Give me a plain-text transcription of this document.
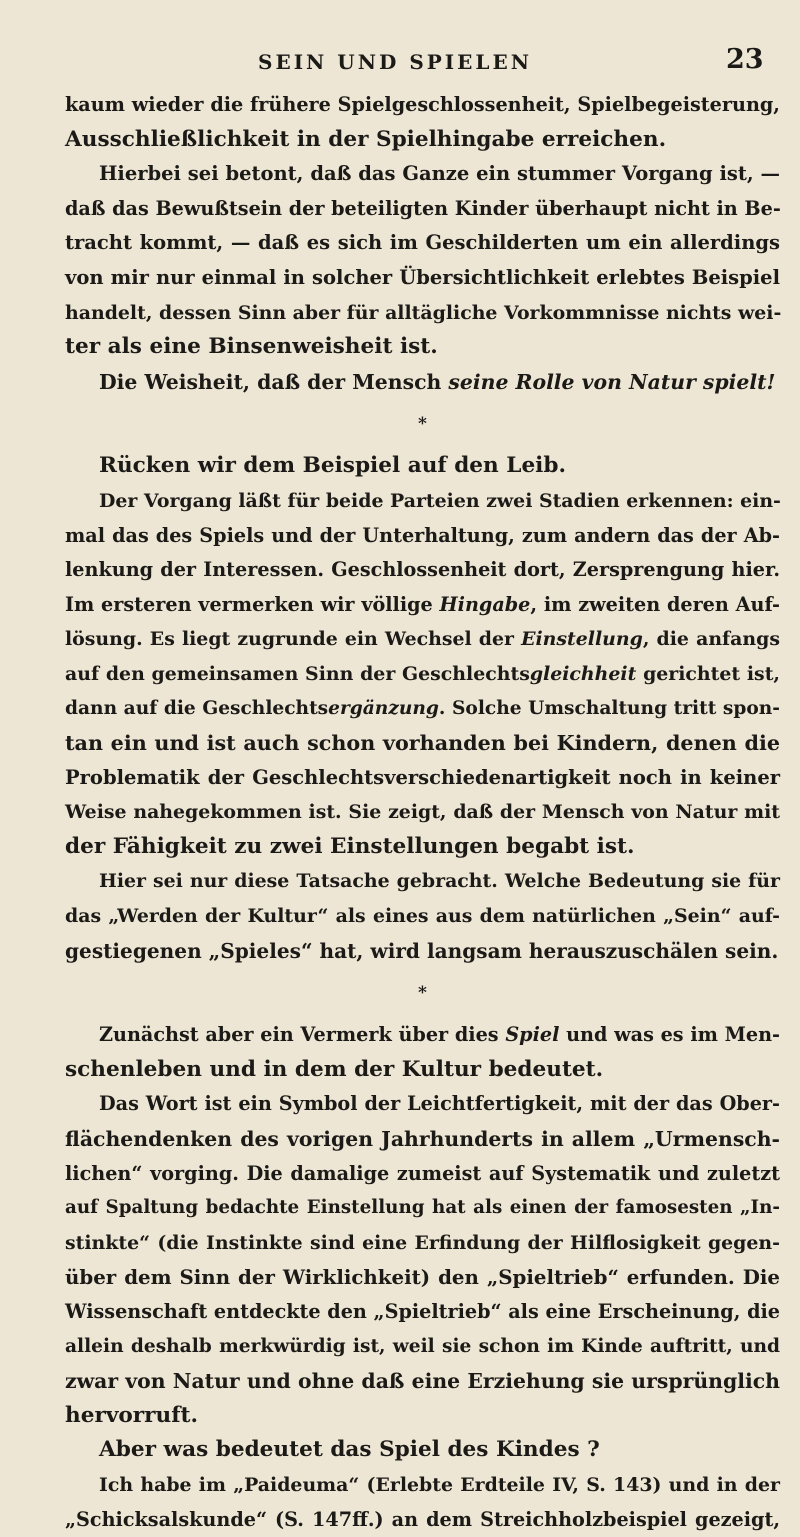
SEIN UND SPIELEN	23
kaum wieder die frühere Spielgeschlossenheit, Spielbegeisterung,
Ausschließlichkeit in der Spielhingabe erreichen.
Hierbei sei betont, daß das Ganze ein stummer Vorgang ist, —
daß das Bewußtsein der beteiligten Kinder überhaupt nicht in Be-
tracht kommt, — daß es sich im Geschilderten um ein allerdings
von mir nur einmal in solcher Übersichtlichkeit erlebtes Beispiel
handelt, dessen Sinn aber für alltägliche Vorkommnisse nichts wei-
ter als eine Binsenweisheit ist.
Die Weisheit, daß der Mensch seine Rolle von Natur spielt!
*
Rücken wir dem Beispiel auf den Leib.
Der Vorgang läßt für beide Parteien zwei Stadien erkennen: ein-
mal das des Spiels und der Unterhaltung, zum andern das der Ab-
lenkung der Interessen. Geschlossenheit dort, Zersprengung hier.
Im ersteren vermerken wir völlige Hingabe, im zweiten deren Auf-
lösung. Es liegt zugrunde ein Wechsel der Einstellung, die anfangs
auf den gemeinsamen Sinn der Geschlechtsgleichheit gerichtet ist,
dann auf die Geschlechtsergänzung. Solche Umschaltung tritt spon-
tan ein und ist auch schon vorhanden bei Kindern, denen die
Problematik der Geschlechtsverschiedenartigkeit noch in keiner
Weise nahegekommen ist. Sie zeigt, daß der Mensch von Natur mit
der Fähigkeit zu zwei Einstellungen begabt ist.
Hier sei nur diese Tatsache gebracht. Welche Bedeutung sie für
das „Werden der Kultur“ als eines aus dem natürlichen „Sein“ auf-
gestiegenen „Spieles“ hat, wird langsam herauszuschälen sein.
*
Zunächst aber ein Vermerk über dies Spiel und was es im Men-
schenleben und in dem der Kultur bedeutet.
Das Wort ist ein Symbol der Leichtfertigkeit, mit der das Ober-
flächendenken des vorigen Jahrhunderts in allem „Urmensch-
lichen“ vorging. Die damalige zumeist auf Systematik und zuletzt
auf Spaltung bedachte Einstellung hat als einen der famosesten „In-
stinkte“ (die Instinkte sind eine Erfindung der Hilflosigkeit gegen-
über dem Sinn der Wirklichkeit) den „Spieltrieb“ erfunden. Die
Wissenschaft entdeckte den „Spieltrieb“ als eine Erscheinung, die
allein deshalb merkwürdig ist, weil sie schon im Kinde auftritt, und
zwar von Natur und ohne daß eine Erziehung sie ursprünglich
hervorruft.
Aber was bedeutet das Spiel des Kindes ?
Ich habe im „Paideuma“ (Erlebte Erdteile IV, S. 143) und in der
„Schicksalskunde“ (S. 147ff.) an dem Streichholzbeispiel gezeigt,
